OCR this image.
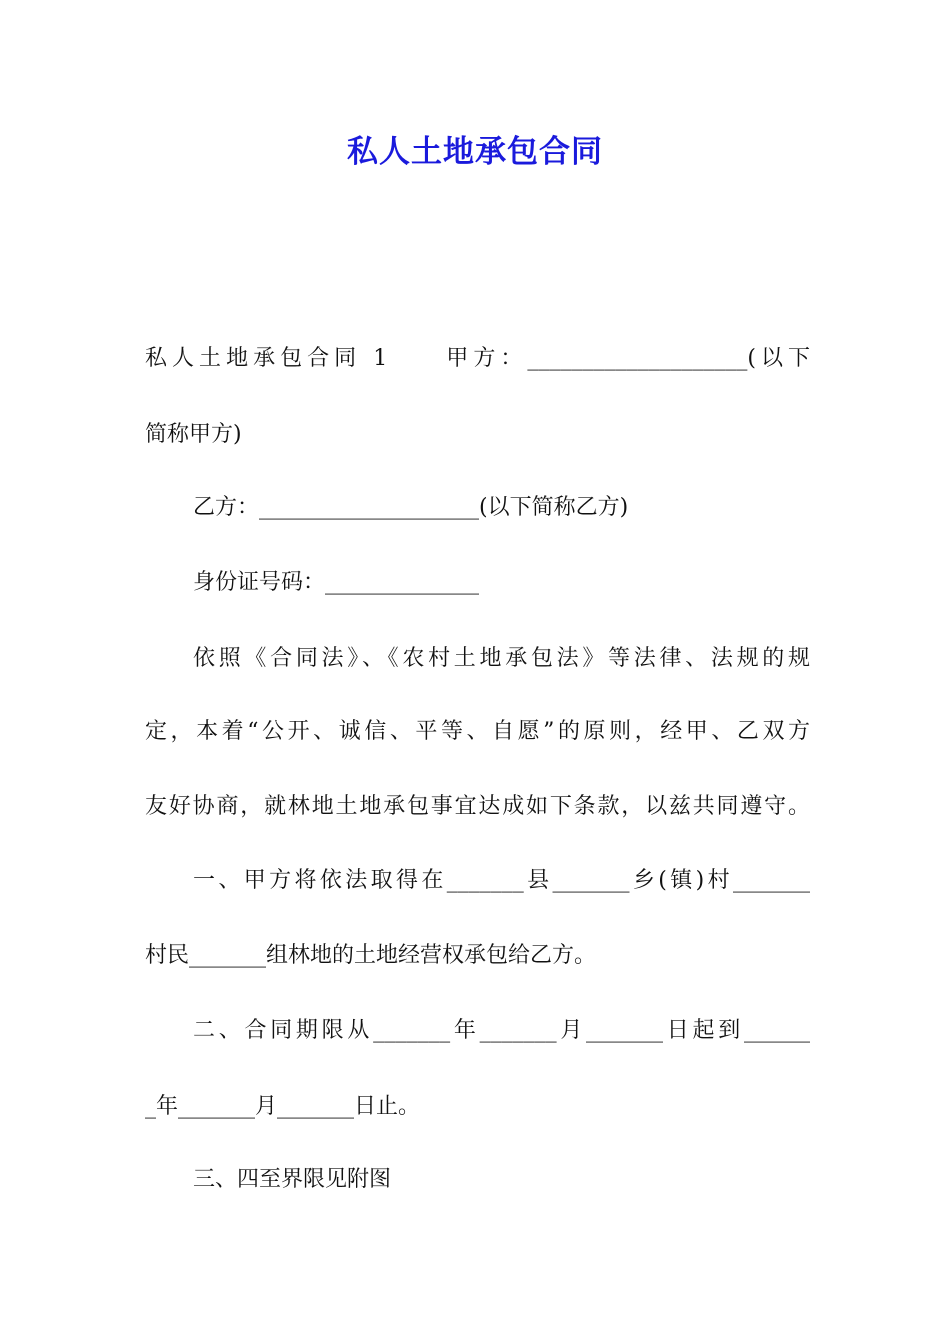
私人土地承包合同
私人土地承包合同 1　　甲方：____________________(以下
简称甲方)
乙方：____________________(以下简称乙方)
身份证号码：______________
依照《合同法》、《农村土地承包法》等法律、法规的规
定，本着“公开、诚信、平等、自愿”的原则，经甲、乙双方
友好协商，就林地土地承包事宜达成如下条款，以兹共同遵守。
一、甲方将依法取得在_______县_______乡(镇)村_______
村民_______组林地的土地经营权承包给乙方。
二、合同期限从_______年_______月_______日起到______
_年_______月_______日止。
三、四至界限见附图
